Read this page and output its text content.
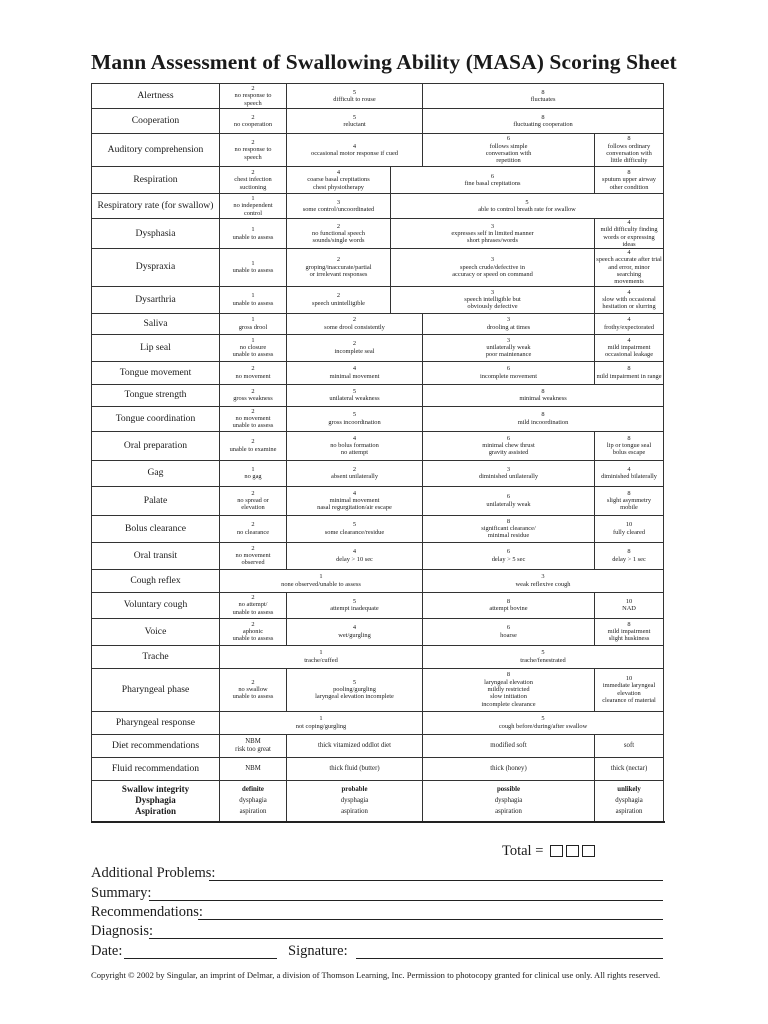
Mann Assessment of Swallowing Ability (MASA) Scoring Sheet
Alertness	2
no response to
speech	5
difficult to rouse		8
fluctuates

Cooperation	2
no cooperation	5
reluctant		8
fluctuating cooperation

Auditory comprehension	2
no response to
speech	4
occasional motor response if cued		6
follows simple
conversation with
repetition	8
follows ordinary
conversation with
little difficulty

Respiration	2
chest infection
suctioning	4
coarse basal crepitations
chest physiotherapy	6
fine basal crepitations		8
sputum upper airway
other condition

Respiratory rate (for swallow)	1
no independent
control	3
some control/uncoordinated	5
able to control breath rate for swallow			

Dysphasia	1
unable to assess	2
no functional speech
sounds/single words	3
expresses self in limited manner
short phrases/words		4
mild difficulty finding
words or expressing ideas

Dyspraxia	1
unable to assess	2
groping/inaccurate/partial
or irrelevant responses	3
speech crude/defective in
accuracy or speed on command		4
speech accurate after trial
and error, minor searching
movements

Dysarthria	1
unable to assess	2
speech unintelligible	3
speech intelligible but
obviously defective		4
slow with occasional
hesitation or slurring

Saliva	1
gross drool	2
some drool consistently		3
drooling at times	4
frothy/expectorated

Lip seal	1
no closure
unable to assess	2
incomplete seal		3
unilaterally weak
poor maintenance	4
mild impairment
occasional leakage

Tongue movement	2
no movement	4
minimal movement		6
incomplete movement	8
mild impairment in range

Tongue strength	2
gross weakness	5
unilateral weakness		8
minimal weakness

Tongue coordination	2
no movement
unable to assess	5
gross incoordination		8
mild incoordination

Oral preparation	2
unable to examine	4
no bolus formation
no attempt		6
minimal chew thrust
gravity assisted	8
lip or tongue seal
bolus escape

Gag	1
no gag	2
absent unilaterally		3
diminished unilaterally	4
diminished bilaterally

Palate	2
no spread or
elevation	4
minimal movement
nasal regurgitation/air escape		6
unilaterally weak	8
slight asymmetry
mobile

Bolus clearance	2
no clearance	5
some clearance/residue		8
significant clearance/
minimal residue	10
fully cleared	

Oral transit	2
no movement
observed	4
delay > 10 sec		6
delay > 5 sec	8
delay > 1 sec

Cough reflex	1
none observed/unable to assess			3
weak reflexive cough

Voluntary cough	2
no attempt/
unable to assess	5
attempt inadequate		8
attempt bovine	10
NAD	

Voice	2
aphonic
unable to assess	4
wet/gurgling		6
hoarse	8
mild impairment
slight huskiness

Trache	1
trache/cuffed			5
trache/fenestrated

Pharyngeal phase	2
no swallow
unable to assess	5
pooling/gurgling
laryngeal elevation incomplete		8
laryngeal elevation
mildly restricted
slow initiation
incomplete clearance	10
immediate laryngeal elevation
clearance of material	

Pharyngeal response	1
not coping/gurgling			5
cough before/during/after swallow

Diet recommendations	NBM
risk too great	thick vitamized oddlot diet		modified soft	soft

Fluid recommendation	NBM	thick fluid (butter)		thick (honey)	thick (nectar)

Swallow integrity
Dysphagia
Aspiration	definite
dysphagia
aspiration	probable
dysphagia
aspiration		possible
dysphagia
aspiration	unlikely
dysphagia
aspiration	
Total =
Additional Problems:
Summary:
Recommendations:
Diagnosis:
Date:	Signature:
Copyright © 2002 by Singular, an imprint of Delmar, a division of Thomson Learning, Inc. Permission to photocopy granted for clinical use only. All rights reserved.
